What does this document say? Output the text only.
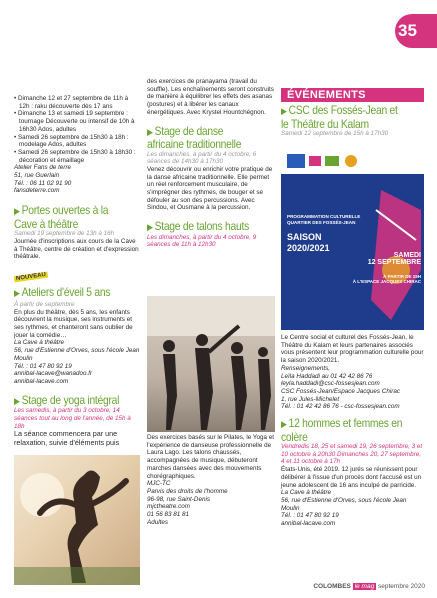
35
ÉVÉNEMENTS

• Dimanche 12 et 27 septembre de 11h à 12h : raku découverte dès 17 ans

• Dimanche 13 et samedi 19 septembre : tournage Découverte ou intensif de 10h à 16h30 Ados, adultes

• Samedi 26 septembre de 15h30 à 18h : modelage Ados, adultes

• Samedi 26 septembre de 15h30 à 18h30 : décoration et émaillage

Atelier Fans de terre

51, rue Guerlain

Tél. : 06 11 02 91 90

fansdeterre.com

▶ Portes ouvertes à la Cave à théâtre

Samedi 19 septembre de 13h à 16h

Journée d'inscriptions aux cours de la Cave à Théâtre, centre de création et d'expression théâtrale.

NOUVEAU ▶ Ateliers d'éveil 5 ans

À partir de septembre

En plus du théâtre, dès 5 ans, les enfants découvrent la musique, ses instruments et ses rythmes, et chanteront sans oublier de jouer la comédie…

La Cave à théâtre

56, rue d'Estienne d'Orves, sous l'école Jean Moulin

Tél. : 01 47 80 92 19

annibal-lacave@wanadoo.fr

annibal-lacave.com

▶ Stage de yoga intégral

Les samedis, à partir du 3 octobre, 14 séances tout au long de l'année, de 15h à 18h

La séance commencera par une relaxation, suivie d'éléments puis

des exercices de pranayama (travail du souffle). Les enchaînements seront construits de manière à équilibrer les effets des asanas (postures) et à libérer les canaux énergétiques. Avec Krystel Hountchégnon.

▶ Stage de danse africaine traditionnelle

Les dimanches, à partir du 4 octobre, 6 séances de 14h30 à 17h30

Venez découvrir ou enrichir votre pratique de la danse africaine traditionnelle. Elle permet un réel renforcement musculaire, de s'imprégner des rythmes, de bouger et se défouler au son des percussions. Avec Sindou, et Ousmane à la percussion.

▶ Stage de talons hauts

Les dimanches, à partir du 4 octobre, 9 séances de 11h à 12h30

Des exercices basés sur le Pilates, le Yoga et l'expérience de danseuse professionnelle de Laura Lago. Les talons chaussés, accompagnées de musique, débuteront marches dansées avec des mouvements chorégraphiques.

MJC-TC

Parvis des droits de l'homme

96-98, rue Saint-Denis

mjctheatre.com

01 56 83 81 81

Adultes

▶ CSC des Fossés-Jean et le Théâtre du Kalam

Samedi 12 septembre de 15h à 17h30

PROGRAMMATION CULTURELLE
QUARTIER DES FOSSÉS-JEAN
SAISON
2020/2021
SAMEDI
12 SEPTEMBRE
À PARTIR DE 15H
À L'ESPACE JACQUES CHIRAC

Le Centre social et culturel des Fossés-Jean, le Théâtre du Kalam et leurs partenaires associés vous présentent leur programmation culturelle pour la saison 2020/2021.

Renseignements,

Leïla Haddadi au 01 42 42 86 76

leyla.haddadi@csc-fossesjean.com

CSC Fossés-Jean/Espace Jacques Chirac

1, rue Jules-Michelet

Tél. : 01 42 42 86 76 - csc-fossesjean.com

▶ 12 hommes et femmes en colère

Vendredis 18, 25 et samedi 19, 26 septembre, 3 et 10 octobre à 20h30 Dimanches 20, 27 septembre, 4 et 11 octobre à 17h

États-Unis, été 2019. 12 jurés se réunissent pour délibérer à l'issue d'un procès dont l'accusé est un jeune adolescent de 16 ans inculpé de parricide.

La Cave à théâtre

56, rue d'Estienne d'Orves, sous l'école Jean Moulin

Tél. : 01 47 80 92 19

annibal-lacave.com

COLOMBES le mag septembre 2020
